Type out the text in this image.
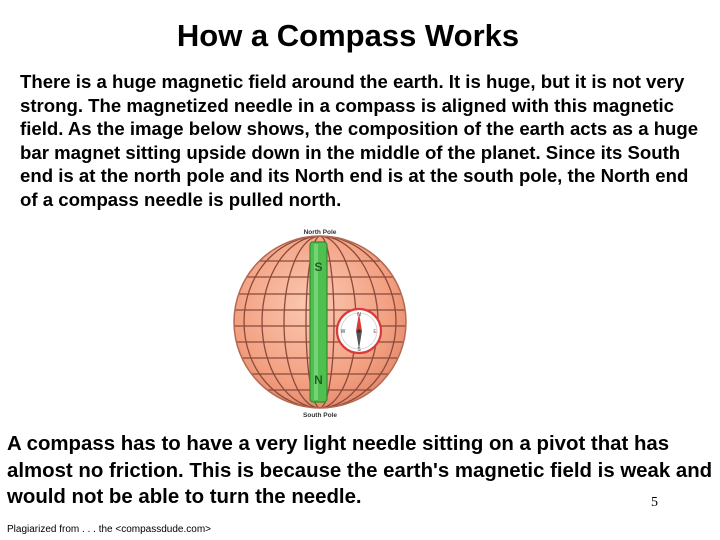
How a Compass Works
There is a huge magnetic field around the earth. It is huge, but it is not very strong. The magnetized needle in a compass is aligned with this magnetic field. As the image below shows, the composition of the earth acts as a huge bar magnet sitting upside down in the middle of the planet. Since its South end is at the north pole and its North end is at the south pole, the North end of a compass needle is pulled north.
S
N
North Pole
South Pole
N
S
W	E
A compass has to have a very light needle sitting on a pivot that has almost no friction. This is because the earth's magnetic field is weak and would not be able to turn the needle.	5
Plagiarized from . . . the <compassdude.com>
